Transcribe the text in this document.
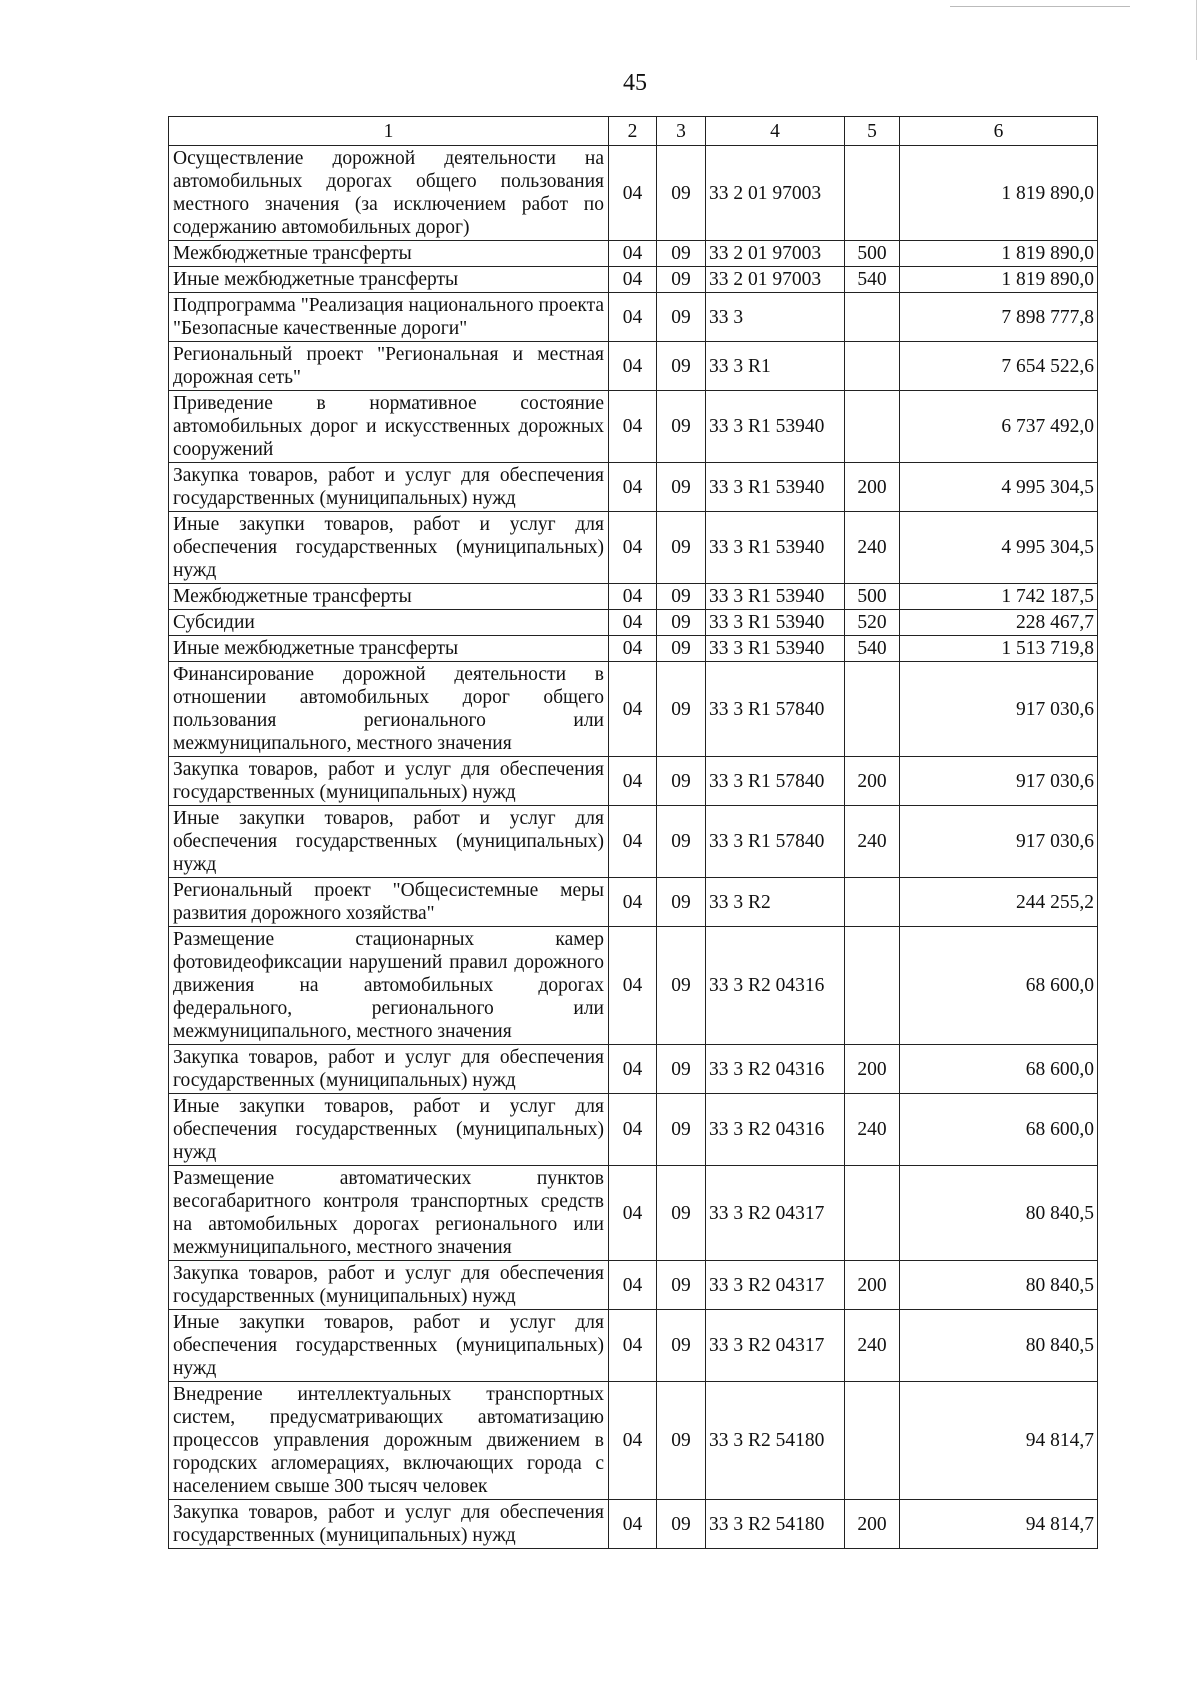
45
1	2	3	4	5	6
Осуществление дорожной деятельности на автомобильных дорогах общего пользования местного значения (за исключением работ по содержанию автомобильных дорог)	04	09	33 2 01 97003		1 819 890,0
Межбюджетные трансферты	04	09	33 2 01 97003	500	1 819 890,0
Иные межбюджетные трансферты	04	09	33 2 01 97003	540	1 819 890,0
Подпрограмма "Реализация национального проекта "Безопасные качественные дороги"	04	09	33 3		7 898 777,8
Региональный проект "Региональная и местная дорожная сеть"	04	09	33 3 R1		7 654 522,6
Приведение в нормативное состояние автомобильных дорог и искусственных дорожных сооружений	04	09	33 3 R1 53940		6 737 492,0
Закупка товаров, работ и услуг для обеспечения государственных (муниципальных) нужд	04	09	33 3 R1 53940	200	4 995 304,5
Иные закупки товаров, работ и услуг для обеспечения государственных (муниципальных) нужд	04	09	33 3 R1 53940	240	4 995 304,5
Межбюджетные трансферты	04	09	33 3 R1 53940	500	1 742 187,5
Субсидии	04	09	33 3 R1 53940	520	228 467,7
Иные межбюджетные трансферты	04	09	33 3 R1 53940	540	1 513 719,8
Финансирование дорожной деятельности в отношении автомобильных дорог общего пользования регионального или межмуниципального, местного значения	04	09	33 3 R1 57840		917 030,6
Закупка товаров, работ и услуг для обеспечения государственных (муниципальных) нужд	04	09	33 3 R1 57840	200	917 030,6
Иные закупки товаров, работ и услуг для обеспечения государственных (муниципальных) нужд	04	09	33 3 R1 57840	240	917 030,6
Региональный проект "Общесистемные меры развития дорожного хозяйства"	04	09	33 3 R2		244 255,2
Размещение стационарных камер фотовидеофиксации нарушений правил дорожного движения на автомобильных дорогах федерального, регионального или межмуниципального, местного значения	04	09	33 3 R2 04316		68 600,0
Закупка товаров, работ и услуг для обеспечения государственных (муниципальных) нужд	04	09	33 3 R2 04316	200	68 600,0
Иные закупки товаров, работ и услуг для обеспечения государственных (муниципальных) нужд	04	09	33 3 R2 04316	240	68 600,0
Размещение автоматических пунктов весогабаритного контроля транспортных средств на автомобильных дорогах регионального или межмуниципального, местного значения	04	09	33 3 R2 04317		80 840,5
Закупка товаров, работ и услуг для обеспечения государственных (муниципальных) нужд	04	09	33 3 R2 04317	200	80 840,5
Иные закупки товаров, работ и услуг для обеспечения государственных (муниципальных) нужд	04	09	33 3 R2 04317	240	80 840,5
Внедрение интеллектуальных транспортных систем, предусматривающих автоматизацию процессов управления дорожным движением в городских агломерациях, включающих города с населением свыше 300 тысяч человек	04	09	33 3 R2 54180		94 814,7
Закупка товаров, работ и услуг для обеспечения государственных (муниципальных) нужд	04	09	33 3 R2 54180	200	94 814,7
